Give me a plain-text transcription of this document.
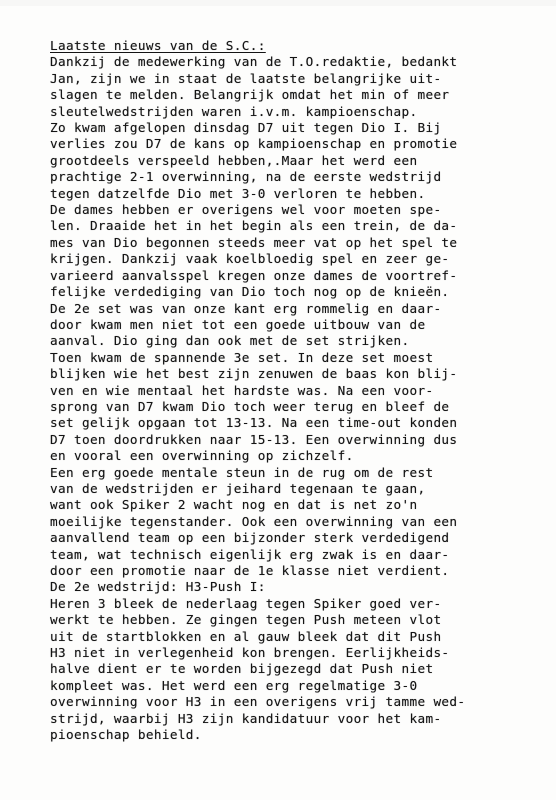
Laatste nieuws van de S.C.:
Dankzij de medewerking van de T.O.redaktie, bedankt
Jan, zijn we in staat de laatste belangrijke uit-
slagen te melden. Belangrijk omdat het min of meer
sleutelwedstrijden waren i.v.m. kampioenschap.
Zo kwam afgelopen dinsdag D7 uit tegen Dio I. Bij
verlies zou D7 de kans op kampioenschap en promotie
grootdeels verspeeld hebben,.Maar het werd een
prachtige 2-1 overwinning, na de eerste wedstrijd
tegen datzelfde Dio met 3-0 verloren te hebben.
De dames hebben er overigens wel voor moeten spe-
len. Draaide het in het begin als een trein, de da-
mes van Dio begonnen steeds meer vat op het spel te
krijgen. Dankzij vaak koelbloedig spel en zeer ge-
varieerd aanvalsspel kregen onze dames de voortref-
felijke verdediging van Dio toch nog op de knieën.
De 2e set was van onze kant erg rommelig en daar-
door kwam men niet tot een goede uitbouw van de
aanval. Dio ging dan ook met de set strijken.
Toen kwam de spannende 3e set. In deze set moest
blijken wie het best zijn zenuwen de baas kon blij-
ven en wie mentaal het hardste was. Na een voor-
sprong van D7 kwam Dio toch weer terug en bleef de
set gelijk opgaan tot 13-13. Na een time-out konden
D7 toen doordrukken naar 15-13. Een overwinning dus
en vooral een overwinning op zichzelf.
Een erg goede mentale steun in de rug om de rest
van de wedstrijden er jeihard tegenaan te gaan,
want ook Spiker 2 wacht nog en dat is net zo'n
moeilijke tegenstander. Ook een overwinning van een
aanvallend team op een bijzonder sterk verdedigend
team, wat technisch eigenlijk erg zwak is en daar-
door een promotie naar de 1e klasse niet verdient.
De 2e wedstrijd: H3-Push I:
Heren 3 bleek de nederlaag tegen Spiker goed ver-
werkt te hebben. Ze gingen tegen Push meteen vlot
uit de startblokken en al gauw bleek dat dit Push
H3 niet in verlegenheid kon brengen. Eerlijkheids-
halve dient er te worden bijgezegd dat Push niet
kompleet was. Het werd een erg regelmatige 3-0
overwinning voor H3 in een overigens vrij tamme wed-
strijd, waarbij H3 zijn kandidatuur voor het kam-
pioenschap behield.
